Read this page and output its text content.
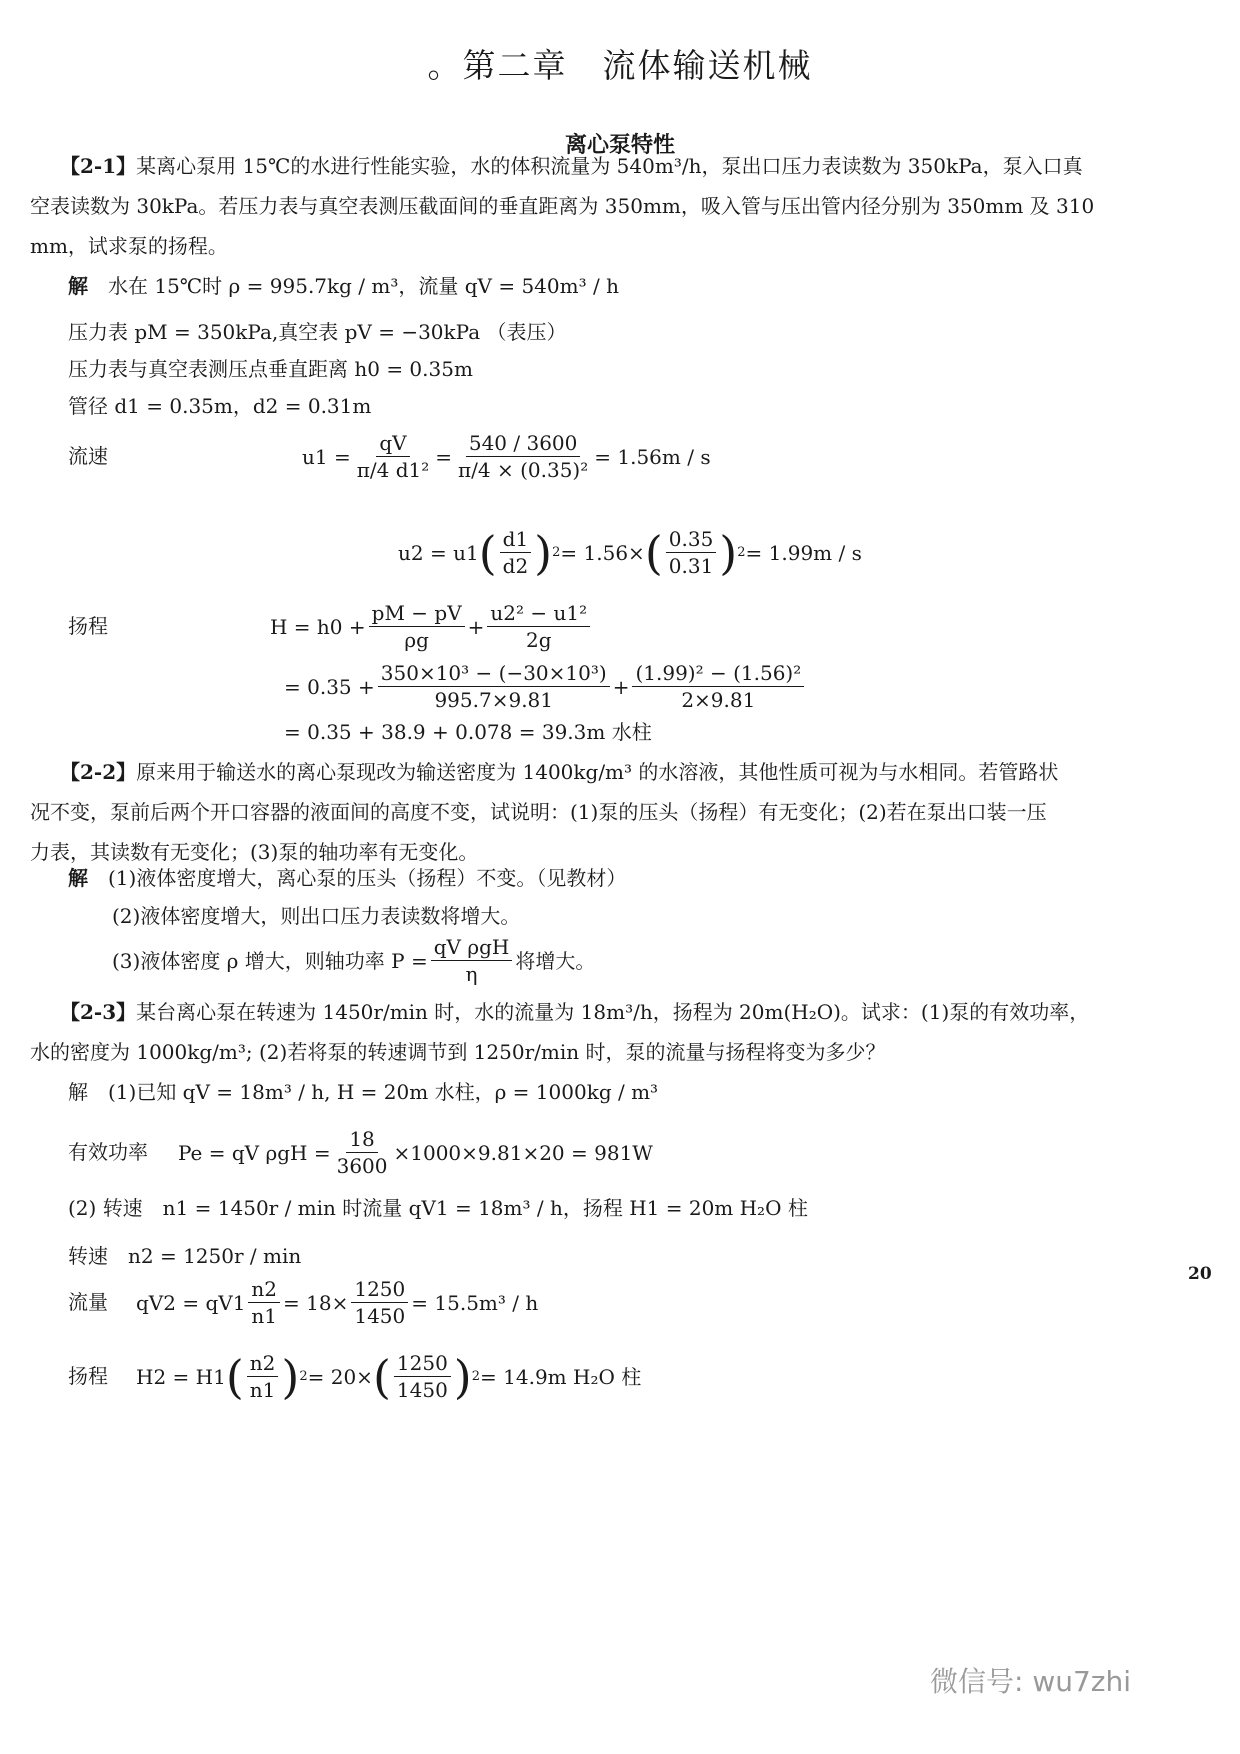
。第二章　流体输送机械
离心泵特性
【2-1】某离心泵用 15℃的水进行性能实验，水的体积流量为 540m³/h，泵出口压力表读数为 350kPa，泵入口真
空表读数为 30kPa。若压力表与真空表测压截面间的垂直距离为 350mm，吸入管与压出管内径分别为 350mm 及 310
mm，试求泵的扬程。
解　 水在 15℃时 ρ = 995.7kg / m³，流量 qV = 540m³ / h
压力表 pM = 350kPa,真空表 pV = −30kPa （表压）
压力表与真空表测压点垂直距离 h0 = 0.35m
管径 d1 = 0.35m，d2 = 0.31m
流速	$u1 = \frac{qV}{\text{π/4 d1²}} = \frac{540 / 3600}{\text{π/4 × (0.35)²}} = 1.56m / s$
u2 = u1 ( $\frac{d1}{d2}$ ) 2 = 1.56× ( $\frac{0.35}{0.31}$ ) 2 = 1.99m / s
扬程	$H = h0 + \frac{pM - pV}{\rho g} + \frac{\text{u2² − u1²}}{2g}$
= $0.35 + \frac{\text{350×10³ − (−30×10³)}}{995.7\times 9.81} + \frac{\text{(1.99)² − (1.56)²}}{2\times 9.81}$
= 0.35 + 38.9 + 0.078 = 39.3m 水柱
【2-2】原来用于输送水的离心泵现改为输送密度为 1400kg/m³ 的水溶液，其他性质可视为与水相同。若管路状
况不变，泵前后两个开口容器的液面间的高度不变，试说明：(1)泵的压头（扬程）有无变化；(2)若在泵出口装一压
力表，其读数有无变化；(3)泵的轴功率有无变化。
解　 (1)液体密度增大，离心泵的压头（扬程）不变。（见教材）
(2)液体密度增大，则出口压力表读数将增大。
(3)液体密度 ρ 增大，则轴功率 $P = \frac{\text{qV ρgH}}{\eta}$ 将增大。
【2-3】某台离心泵在转速为 1450r/min 时，水的流量为 18m³/h，扬程为 20m(H₂O)。试求：(1)泵的有效功率，
水的密度为 1000kg/m³; (2)若将泵的转速调节到 1250r/min 时，泵的流量与扬程将变为多少？
解　(1)已知 qV = 18m³ / h, H = 20m 水柱，ρ = 1000kg / m³
有效功率 Pe = qV $\rho gH = \frac{18}{3600} \times 1000\times 9.81\times 20 = 981W$
(2) 转速　n1 = 1450r / min 时流量 qV1 = 18m³ / h，扬程 H1 = 20m H₂O 柱
转速　n2 = 1250r / min
流量 $qV2 = qV1 \frac{n2}{n1} = 18\times \frac{1250}{1450} = 15.5m^3 / h$
扬程 H2 = H1 ( $\frac{n2}{n1}$ ) 2 = 20× ( $\frac{1250}{1450}$ ) 2 = 14.9m H₂O 柱
20
微信号: wu7zhi
